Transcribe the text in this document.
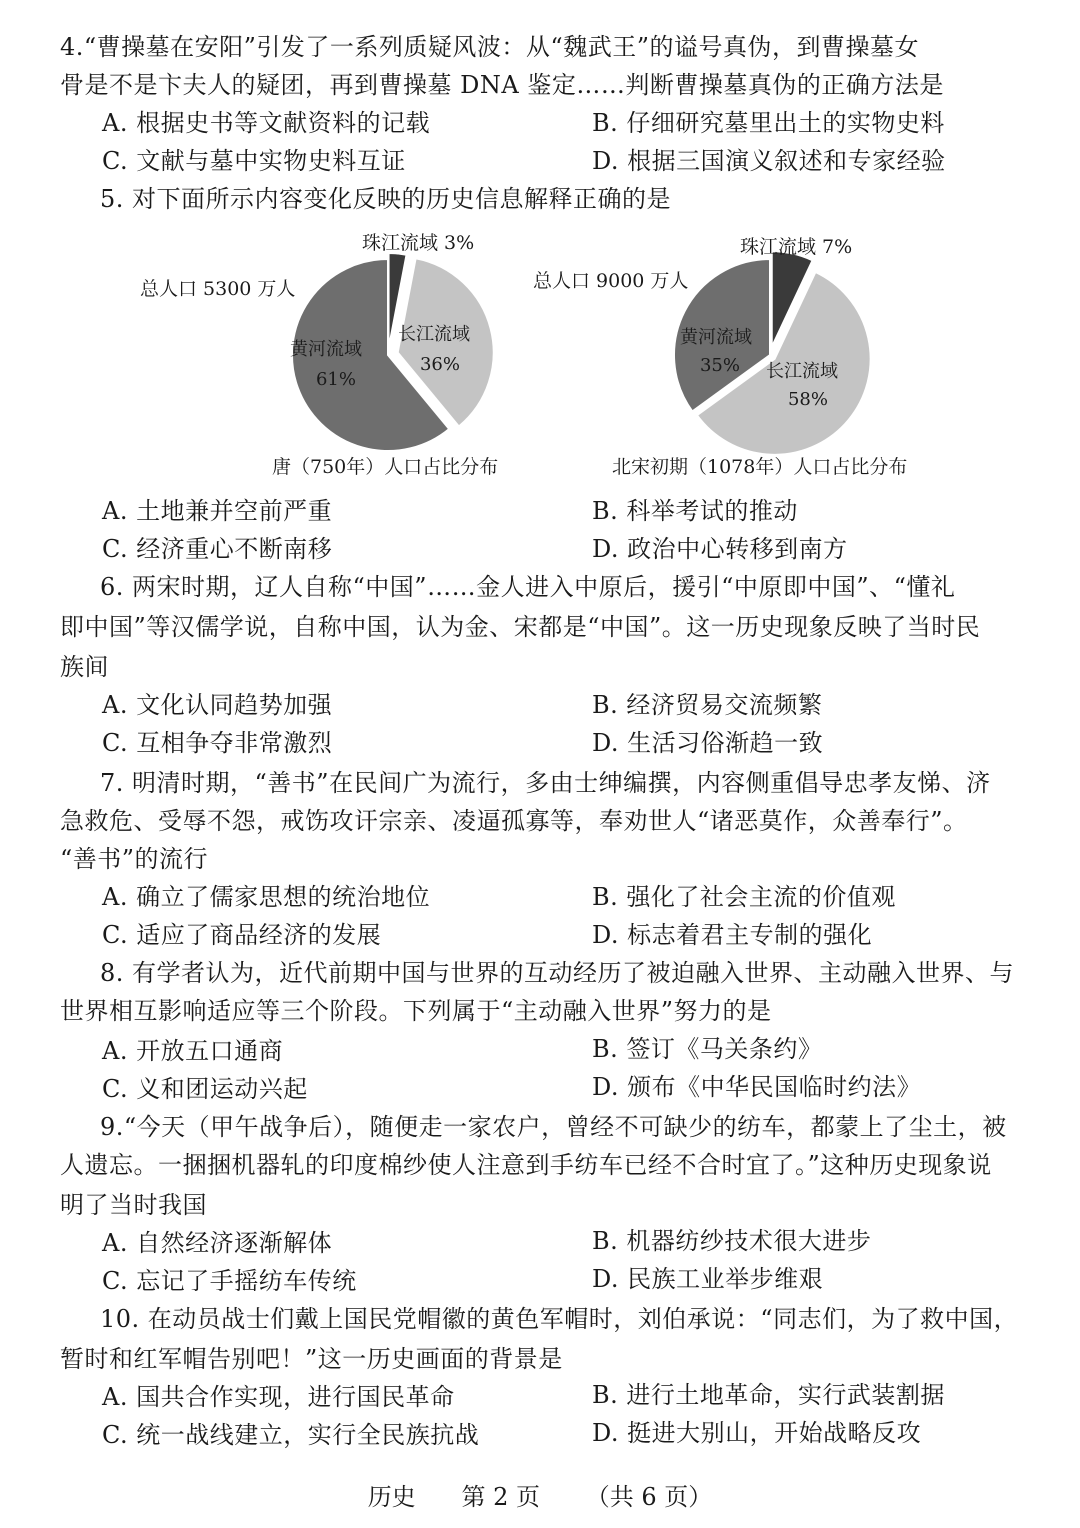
4.“曹操墓在安阳”引发了一系列质疑风波：从“魏武王”的谥号真伪，到曹操墓女
骨是不是卞夫人的疑团，再到曹操墓 DNA 鉴定……判断曹操墓真伪的正确方法是
A. 根据史书等文献资料的记载	B. 仔细研究墓里出土的实物史料
C. 文献与墓中实物史料互证	D. 根据三国演义叙述和专家经验
5. 对下面所示内容变化反映的历史信息解释正确的是
珠江流域 3%
长江流域
36%
黄河流域
61%
总人口 5300 万人
唐（750年）人口占比分布
珠江流域 7%
长江流域
58%
黄河流域
35%
总人口 9000 万人
北宋初期（1078年）人口占比分布
A. 土地兼并空前严重	B. 科举考试的推动
C. 经济重心不断南移	D. 政治中心转移到南方
6. 两宋时期，辽人自称“中国”……金人进入中原后，援引“中原即中国”、“懂礼
即中国”等汉儒学说，自称中国，认为金、宋都是“中国”。这一历史现象反映了当时民
族间
A. 文化认同趋势加强	B. 经济贸易交流频繁
C. 互相争夺非常激烈	D. 生活习俗渐趋一致
7. 明清时期，“善书”在民间广为流行，多由士绅编撰，内容侧重倡导忠孝友悌、济
急救危、受辱不怨，戒饬攻讦宗亲、凌逼孤寡等，奉劝世人“诸恶莫作，众善奉行”。
“善书”的流行
A. 确立了儒家思想的统治地位	B. 强化了社会主流的价值观
C. 适应了商品经济的发展	D. 标志着君主专制的强化
8. 有学者认为，近代前期中国与世界的互动经历了被迫融入世界、主动融入世界、与
世界相互影响适应等三个阶段。下列属于“主动融入世界”努力的是
A. 开放五口通商	B. 签订《马关条约》
C. 义和团运动兴起	D. 颁布《中华民国临时约法》
9.“今天（甲午战争后），随便走一家农户，曾经不可缺少的纺车，都蒙上了尘土，被
人遗忘。一捆捆机器轧的印度棉纱使人注意到手纺车已经不合时宜了。”这种历史现象说
明了当时我国
A. 自然经济逐渐解体	B. 机器纺纱技术很大进步
C. 忘记了手摇纺车传统	D. 民族工业举步维艰
10. 在动员战士们戴上国民党帽徽的黄色军帽时，刘伯承说：“同志们，为了救中国，
暂时和红军帽告别吧！”这一历史画面的背景是
A. 国共合作实现，进行国民革命	B. 进行土地革命，实行武装割据
C. 统一战线建立，实行全民族抗战	D. 挺进大别山，开始战略反攻
历史 第 2 页 （共 6 页）
